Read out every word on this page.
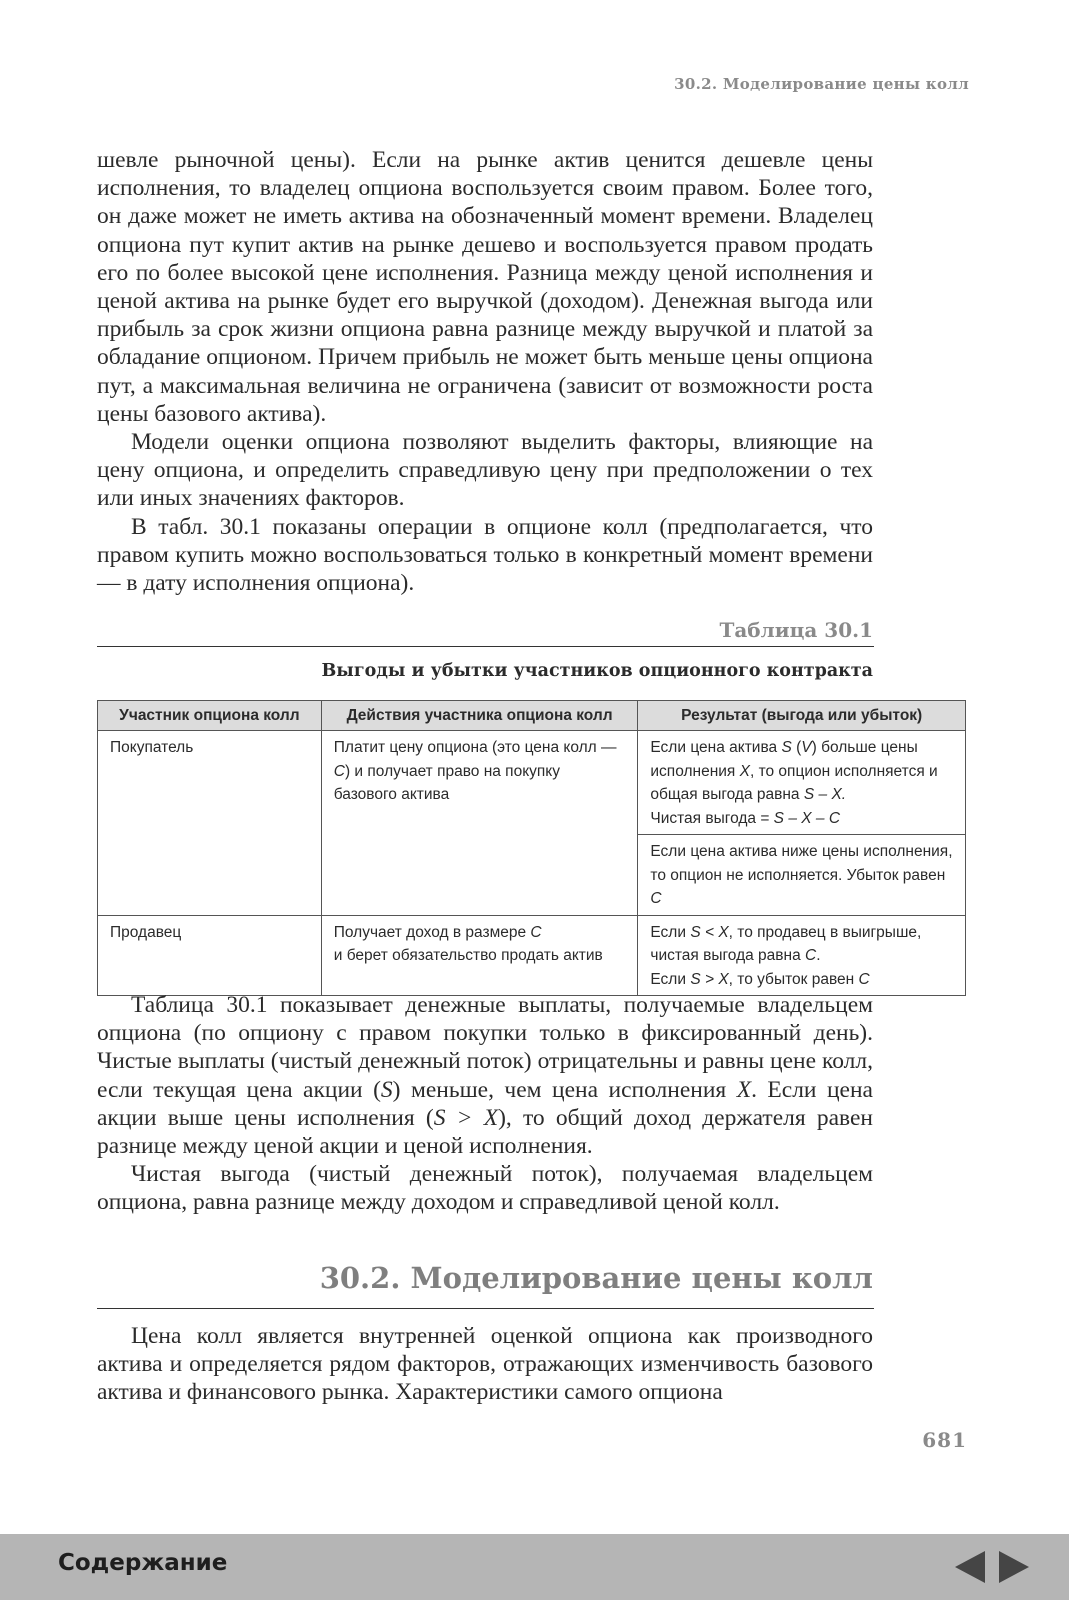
30.2. Моделирование цены колл

шевле рыночной цены). Если на рынке актив ценится дешевле цены исполнения, то владелец опциона воспользуется своим правом. Более того, он даже может не иметь актива на обозначенный момент времени. Владелец опциона пут купит актив на рынке дешево и воспользуется правом продать его по более высокой цене исполнения. Разница между ценой исполнения и ценой актива на рынке будет его выручкой (доходом). Денежная выгода или прибыль за срок жизни опциона равна разнице между выручкой и платой за обладание опционом. Причем прибыль не может быть меньше цены опциона пут, а максимальная величина не ограничена (зависит от возможности роста цены базового актива).

Модели оценки опциона позволяют выделить факторы, влияющие на цену опциона, и определить справедливую цену при предположении о тех или иных значениях факторов.

В табл. 30.1 показаны операции в опционе колл (предполагается, что правом купить можно воспользоваться только в конкретный момент времени — в дату исполнения опциона).

Таблица 30.1
Выгоды и убытки участников опционного контракта
Участник опциона колл	Действия участника опциона колл	Результат (выгода или убыток)
Покупатель	Платит цену опциона (это цена колл — C) и получает право на покупку базового актива	Если цена актива S (V) больше цены исполнения X, то опцион исполняется и общая выгода равна S – X.
Чистая выгода = S – X – C
		Если цена актива ниже цены исполнения, то опцион не исполняется. Убыток равен C
Продавец	Получает доход в размере C
и берет обязательство продать актив	Если S < X, то продавец в выигрыше, чистая выгода равна C.
Если S > X, то убыток равен C

Таблица 30.1 показывает денежные выплаты, получаемые владельцем опциона (по опциону с правом покупки только в фиксированный день). Чистые выплаты (чистый денежный поток) отрицательны и равны цене колл, если текущая цена акции (S) меньше, чем цена исполнения X. Если цена акции выше цены исполнения (S > X), то общий доход держателя равен разнице между ценой акции и ценой исполнения.

Чистая выгода (чистый денежный поток), получаемая владельцем опциона, равна разнице между доходом и справедливой ценой колл.

30.2. Моделирование цены колл

Цена колл является внутренней оценкой опциона как производного актива и определяется рядом факторов, отражающих изменчивость базового актива и финансового рынка. Характеристики самого опциона

681
Содержание
